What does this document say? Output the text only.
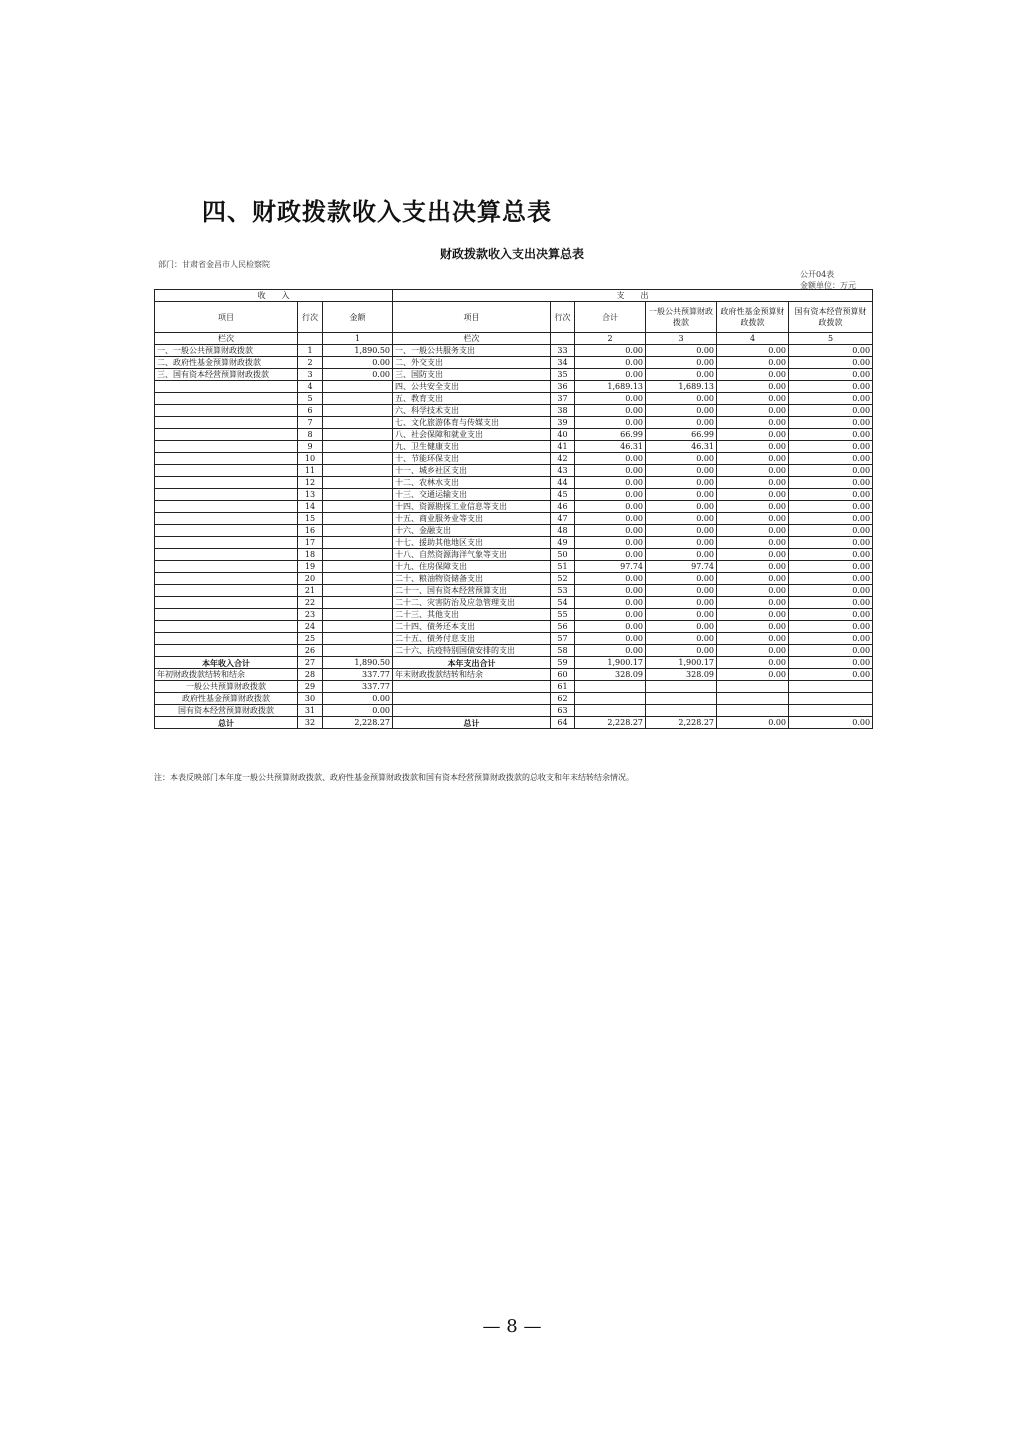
四、财政拨款收入支出决算总表
财政拨款收入支出决算总表
部门：甘肃省金昌市人民检察院
公开04表
金额单位：万元
收　　入			支　　出					
项目	行次	金额	项目	行次	合计	一般公共预算财政拨款	政府性基金预算财政拨款	国有资本经营预算财政拨款
栏次		1	栏次		2	3	4	5
一、一般公共预算财政拨款	1	1,890.50	一、一般公共服务支出	33	0.00	0.00	0.00	0.00
二、政府性基金预算财政拨款	2	0.00	二、外交支出	34	0.00	0.00	0.00	0.00
三、国有资本经营预算财政拨款	3	0.00	三、国防支出	35	0.00	0.00	0.00	0.00
	4		四、公共安全支出	36	1,689.13	1,689.13	0.00	0.00
	5		五、教育支出	37	0.00	0.00	0.00	0.00
	6		六、科学技术支出	38	0.00	0.00	0.00	0.00
	7		七、文化旅游体育与传媒支出	39	0.00	0.00	0.00	0.00
	8		八、社会保障和就业支出	40	66.99	66.99	0.00	0.00
	9		九、卫生健康支出	41	46.31	46.31	0.00	0.00
	10		十、节能环保支出	42	0.00	0.00	0.00	0.00
	11		十一、城乡社区支出	43	0.00	0.00	0.00	0.00
	12		十二、农林水支出	44	0.00	0.00	0.00	0.00
	13		十三、交通运输支出	45	0.00	0.00	0.00	0.00
	14		十四、资源勘探工业信息等支出	46	0.00	0.00	0.00	0.00
	15		十五、商业服务业等支出	47	0.00	0.00	0.00	0.00
	16		十六、金融支出	48	0.00	0.00	0.00	0.00
	17		十七、援助其他地区支出	49	0.00	0.00	0.00	0.00
	18		十八、自然资源海洋气象等支出	50	0.00	0.00	0.00	0.00
	19		十九、住房保障支出	51	97.74	97.74	0.00	0.00
	20		二十、粮油物资储备支出	52	0.00	0.00	0.00	0.00
	21		二十一、国有资本经营预算支出	53	0.00	0.00	0.00	0.00
	22		二十二、灾害防治及应急管理支出	54	0.00	0.00	0.00	0.00
	23		二十三、其他支出	55	0.00	0.00	0.00	0.00
	24		二十四、债务还本支出	56	0.00	0.00	0.00	0.00
	25		二十五、债务付息支出	57	0.00	0.00	0.00	0.00
	26		二十六、抗疫特别国债安排的支出	58	0.00	0.00	0.00	0.00
本年收入合计	27	1,890.50	本年支出合计	59	1,900.17	1,900.17	0.00	0.00
年初财政拨款结转和结余	28	337.77	年末财政拨款结转和结余	60	328.09	328.09	0.00	0.00
一般公共预算财政拨款	29	337.77		61				
政府性基金预算财政拨款	30	0.00		62				
国有资本经营预算财政拨款	31	0.00		63				
总计	32	2,228.27	总计	64	2,228.27	2,228.27	0.00	0.00
注：本表反映部门本年度一般公共预算财政拨款、政府性基金预算财政拨款和国有资本经营预算财政拨款的总收支和年末结转结余情况。
— 8 —
